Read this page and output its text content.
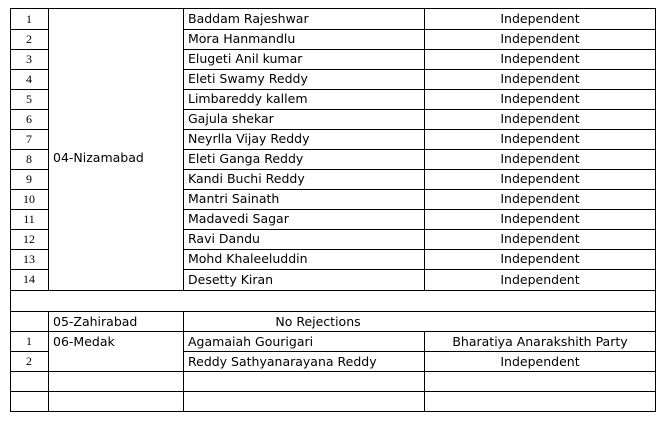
1	Baddam Rajeshwar	Independent
2	Mora Hanmandlu	Independent
3	Elugeti Anil kumar	Independent
4	Eleti Swamy Reddy	Independent
5	Limbareddy kallem	Independent
6	Gajula shekar	Independent
7	Neyrlla Vijay Reddy	Independent
8	04-Nizamabad	Eleti Ganga Reddy	Independent
9	Kandi Buchi Reddy	Independent
10	Mantri Sainath	Independent
11	Madavedi Sagar	Independent
12	Ravi Dandu	Independent
13	Mohd Khaleeluddin	Independent
14	Desetty Kiran	Independent
05-Zahirabad	No Rejections
1	06-Medak	Agamaiah Gourigari	Bharatiya Anarakshith Party
2	Reddy Sathyanarayana Reddy	Independent
